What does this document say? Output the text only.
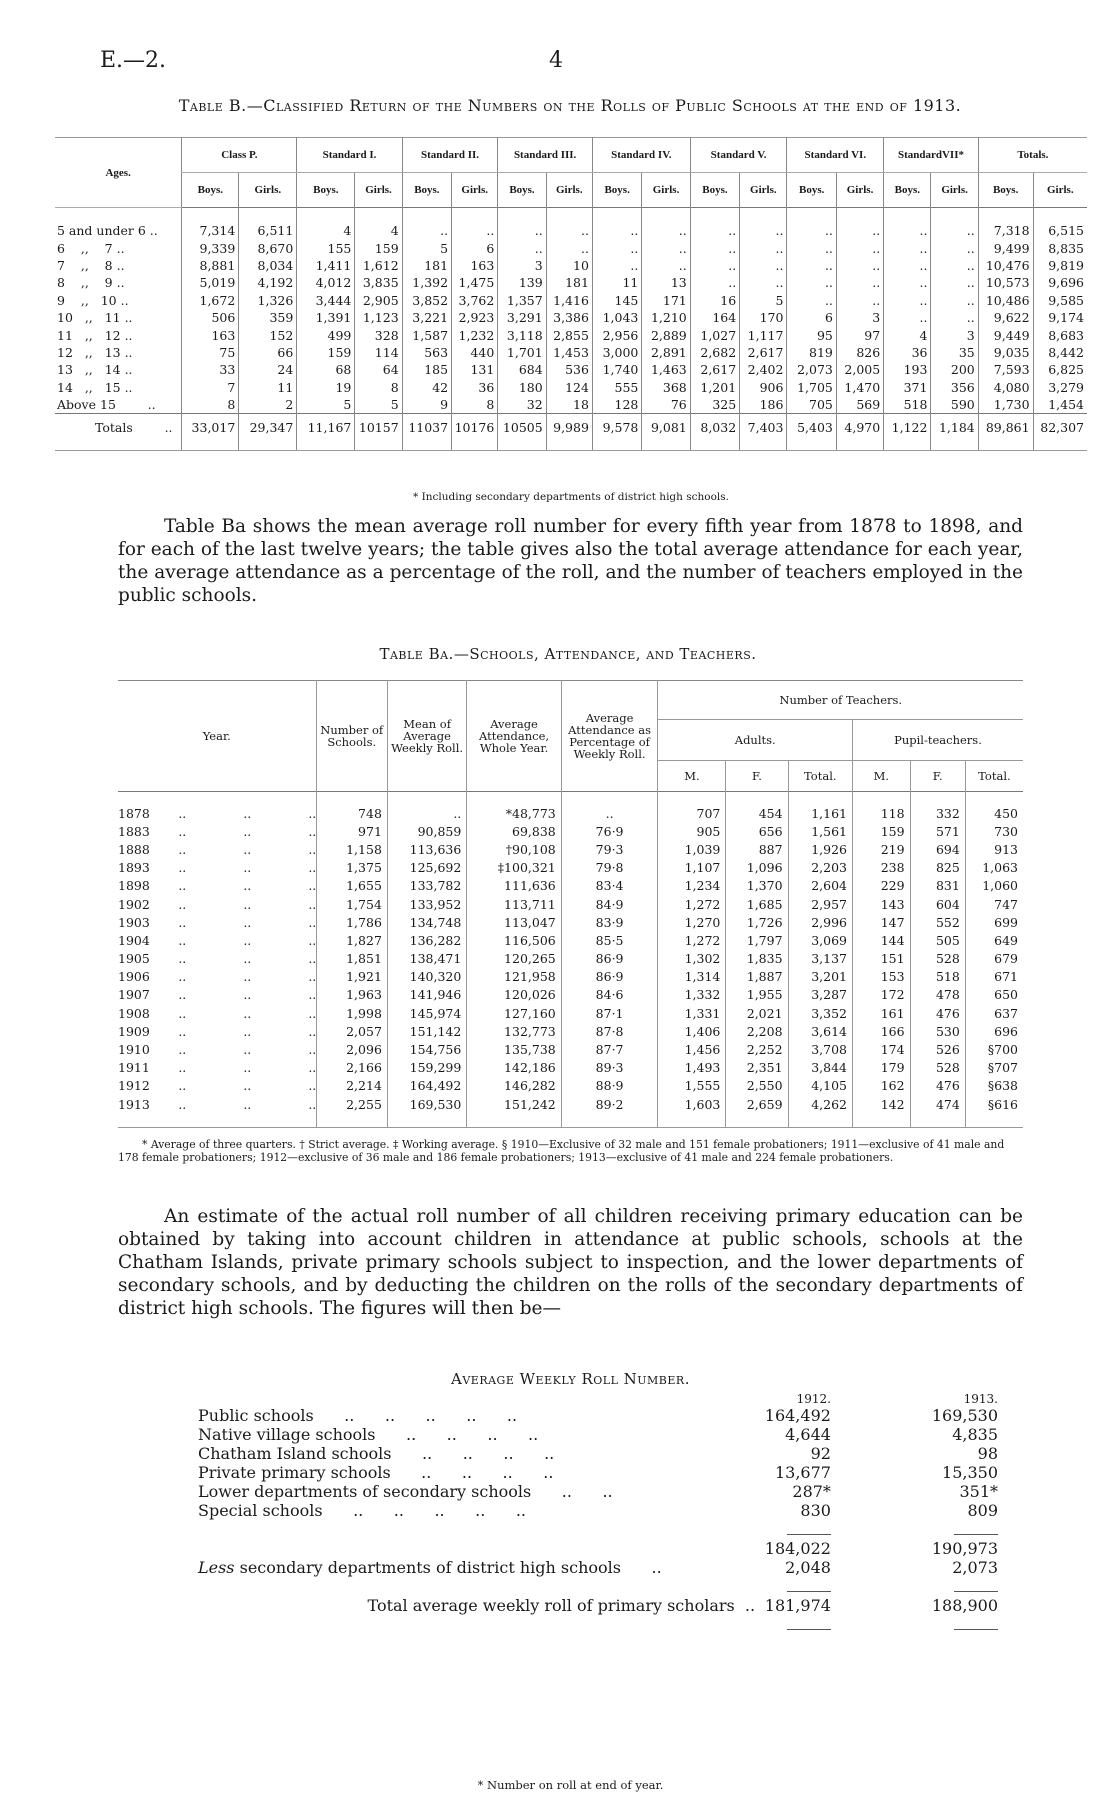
E.—2.	4
Table B.—Classified Return of the Numbers on the Rolls of Public Schools at the end of 1913.
Ages.	Class P.		Standard I.		Standard II.		Standard III.		Standard IV.		Standard V.		Standard VI.		StandardVII*		Totals.	
	Boys.	Girls.	Boys.	Girls.	Boys.	Girls.	Boys.	Girls.	Boys.	Girls.	Boys.	Girls.	Boys.	Girls.	Boys.	Girls.	Boys.	Girls.

5 and under 6 ..	7,314	6,511	4	4	..	..	..	..	..	..	..	..	..	..	..	..	7,318	6,515
6    ,,    7 ..	9,339	8,670	155	159	5	6	..	..	..	..	..	..	..	..	..	..	9,499	8,835
7    ,,    8 ..	8,881	8,034	1,411	1,612	181	163	3	10	..	..	..	..	..	..	..	..	10,476	9,819
8    ,,    9 ..	5,019	4,192	4,012	3,835	1,392	1,475	139	181	11	13	..	..	..	..	..	..	10,573	9,696
9    ,,   10 ..	1,672	1,326	3,444	2,905	3,852	3,762	1,357	1,416	145	171	16	5	..	..	..	..	10,486	9,585
10   ,,   11 ..	506	359	1,391	1,123	3,221	2,923	3,291	3,386	1,043	1,210	164	170	6	3	..	..	9,622	9,174
11   ,,   12 ..	163	152	499	328	1,587	1,232	3,118	2,855	2,956	2,889	1,027	1,117	95	97	4	3	9,449	8,683
12   ,,   13 ..	75	66	159	114	563	440	1,701	1,453	3,000	2,891	2,682	2,617	819	826	36	35	9,035	8,442
13   ,,   14 ..	33	24	68	64	185	131	684	536	1,740	1,463	2,617	2,402	2,073	2,005	193	200	7,593	6,825
14   ,,   15 ..	7	11	19	8	42	36	180	124	555	368	1,201	906	1,705	1,470	371	356	4,080	3,279
Above 15        ..	8	2	5	5	9	8	32	18	128	76	325	186	705	569	518	590	1,730	1,454
Totals        ..	33,017	29,347	11,167	10157	11037	10176	10505	9,989	9,578	9,081	8,032	7,403	5,403	4,970	1,122	1,184	89,861	82,307

* Including secondary departments of district high schools.

Table Ba shows the mean average roll number for every fifth year from 1878 to 1898, and for each of the last twelve years; the table gives also the total average attendance for each year, the average attendance as a percentage of the roll, and the number of teachers employed in the public schools.

Table Ba.—Schools, Attendance, and Teachers.
Year.	Number of Schools.	Mean of Average Weekly Roll.	Average Attendance, Whole Year.	Average Attendance as Percentage of Weekly Roll.	Number of Teachers.					
					Adults.			Pupil-teachers.		
					M.	F.	Total.	M.	F.	Total.

1878 .. .. ..	748	..	*48,773	..	707	454	1,161	118	332	450
1883 .. .. ..	971	90,859	69,838	76·9	905	656	1,561	159	571	730
1888 .. .. ..	1,158	113,636	†90,108	79·3	1,039	887	1,926	219	694	913
1893 .. .. ..	1,375	125,692	‡100,321	79·8	1,107	1,096	2,203	238	825	1,063
1898 .. .. ..	1,655	133,782	111,636	83·4	1,234	1,370	2,604	229	831	1,060
1902 .. .. ..	1,754	133,952	113,711	84·9	1,272	1,685	2,957	143	604	747
1903 .. .. ..	1,786	134,748	113,047	83·9	1,270	1,726	2,996	147	552	699
1904 .. .. ..	1,827	136,282	116,506	85·5	1,272	1,797	3,069	144	505	649
1905 .. .. ..	1,851	138,471	120,265	86·9	1,302	1,835	3,137	151	528	679
1906 .. .. ..	1,921	140,320	121,958	86·9	1,314	1,887	3,201	153	518	671
1907 .. .. ..	1,963	141,946	120,026	84·6	1,332	1,955	3,287	172	478	650
1908 .. .. ..	1,998	145,974	127,160	87·1	1,331	2,021	3,352	161	476	637
1909 .. .. ..	2,057	151,142	132,773	87·8	1,406	2,208	3,614	166	530	696
1910 .. .. ..	2,096	154,756	135,738	87·7	1,456	2,252	3,708	174	526	§700
1911 .. .. ..	2,166	159,299	142,186	89·3	1,493	2,351	3,844	179	528	§707
1912 .. .. ..	2,214	164,492	146,282	88·9	1,555	2,550	4,105	162	476	§638
1913 .. .. ..	2,255	169,530	151,242	89·2	1,603	2,659	4,262	142	474	§616

* Average of three quarters. † Strict average. ‡ Working average. § 1910—Exclusive of 32 male and 151 female probationers; 1911—exclusive of 41 male and 178 female probationers; 1912—exclusive of 36 male and 186 female probationers; 1913—exclusive of 41 male and 224 female probationers.

An estimate of the actual roll number of all children receiving primary education can be obtained by taking into account children in attendance at public schools, schools at the Chatham Islands, private primary schools subject to inspection, and the lower departments of secondary schools, and by deducting the children on the rolls of the secondary departments of district high schools. The figures will then be—

Average Weekly Roll Number.
	1912.	1913.
Public schools      ..      ..      ..      ..      ..	164,492	169,530
Native village schools      ..      ..      ..      ..	4,644	4,835
Chatham Island schools      ..      ..      ..      ..	92	98
Private primary schools      ..      ..      ..      ..	13,677	15,350
Lower departments of secondary schools      ..      ..	287*	351*
Special schools      ..      ..      ..      ..      ..	830	809

	184,022	190,973
Less secondary departments of district high schools      ..	2,048	2,073

Total average weekly roll of primary scholars  ..	181,974	188,900

* Number on roll at end of year.
